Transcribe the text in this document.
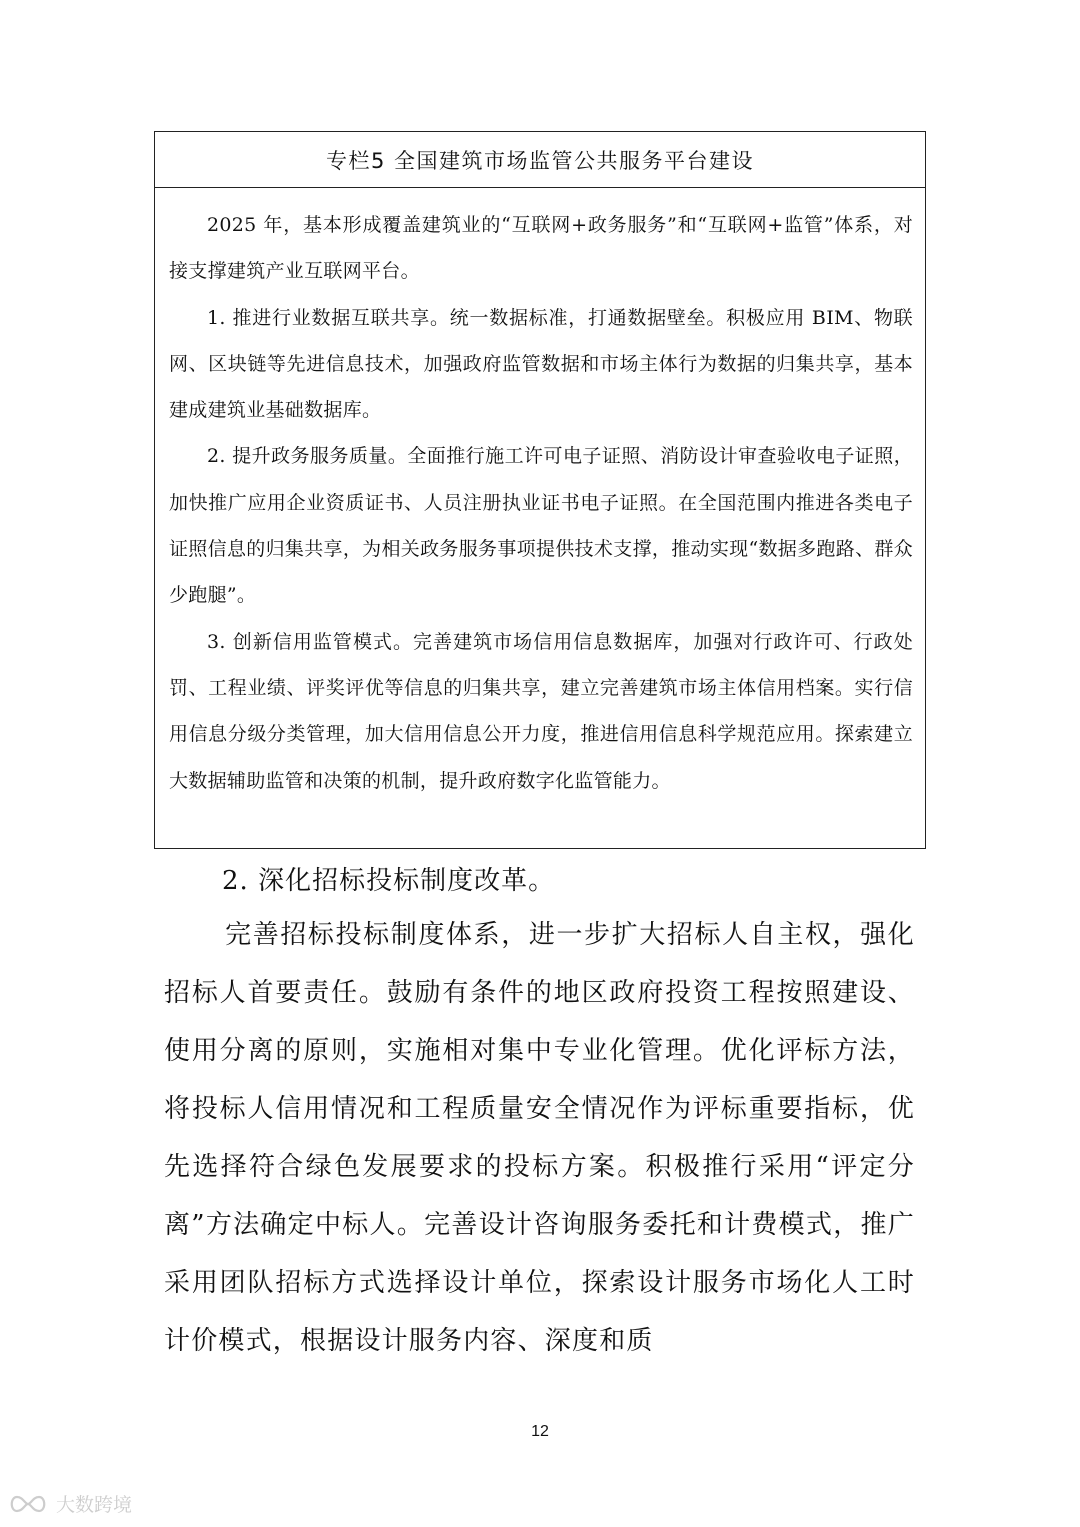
专栏5 全国建筑市场监管公共服务平台建设

2025 年，基本形成覆盖建筑业的“互联网+政务服务”和“互联网+监管”体系，对接支撑建筑产业互联网平台。

1. 推进行业数据互联共享。统一数据标准，打通数据壁垒。积极应用 BIM、物联网、区块链等先进信息技术，加强政府监管数据和市场主体行为数据的归集共享，基本建成建筑业基础数据库。

2. 提升政务服务质量。全面推行施工许可电子证照、消防设计审查验收电子证照，加快推广应用企业资质证书、人员注册执业证书电子证照。在全国范围内推进各类电子证照信息的归集共享，为相关政务服务事项提供技术支撑，推动实现“数据多跑路、群众少跑腿”。

3. 创新信用监管模式。完善建筑市场信用信息数据库，加强对行政许可、行政处罚、工程业绩、评奖评优等信息的归集共享，建立完善建筑市场主体信用档案。实行信用信息分级分类管理，加大信用信息公开力度，推进信用信息科学规范应用。探索建立大数据辅助监管和决策的机制，提升政府数字化监管能力。

2. 深化招标投标制度改革。

完善招标投标制度体系，进一步扩大招标人自主权，强化招标人首要责任。鼓励有条件的地区政府投资工程按照建设、使用分离的原则，实施相对集中专业化管理。优化评标方法，将投标人信用情况和工程质量安全情况作为评标重要指标，优先选择符合绿色发展要求的投标方案。积极推行采用“评定分离”方法确定中标人。完善设计咨询服务委托和计费模式，推广采用团队招标方式选择设计单位，探索设计服务市场化人工时计价模式，根据设计服务内容、深度和质

12
大数跨境
